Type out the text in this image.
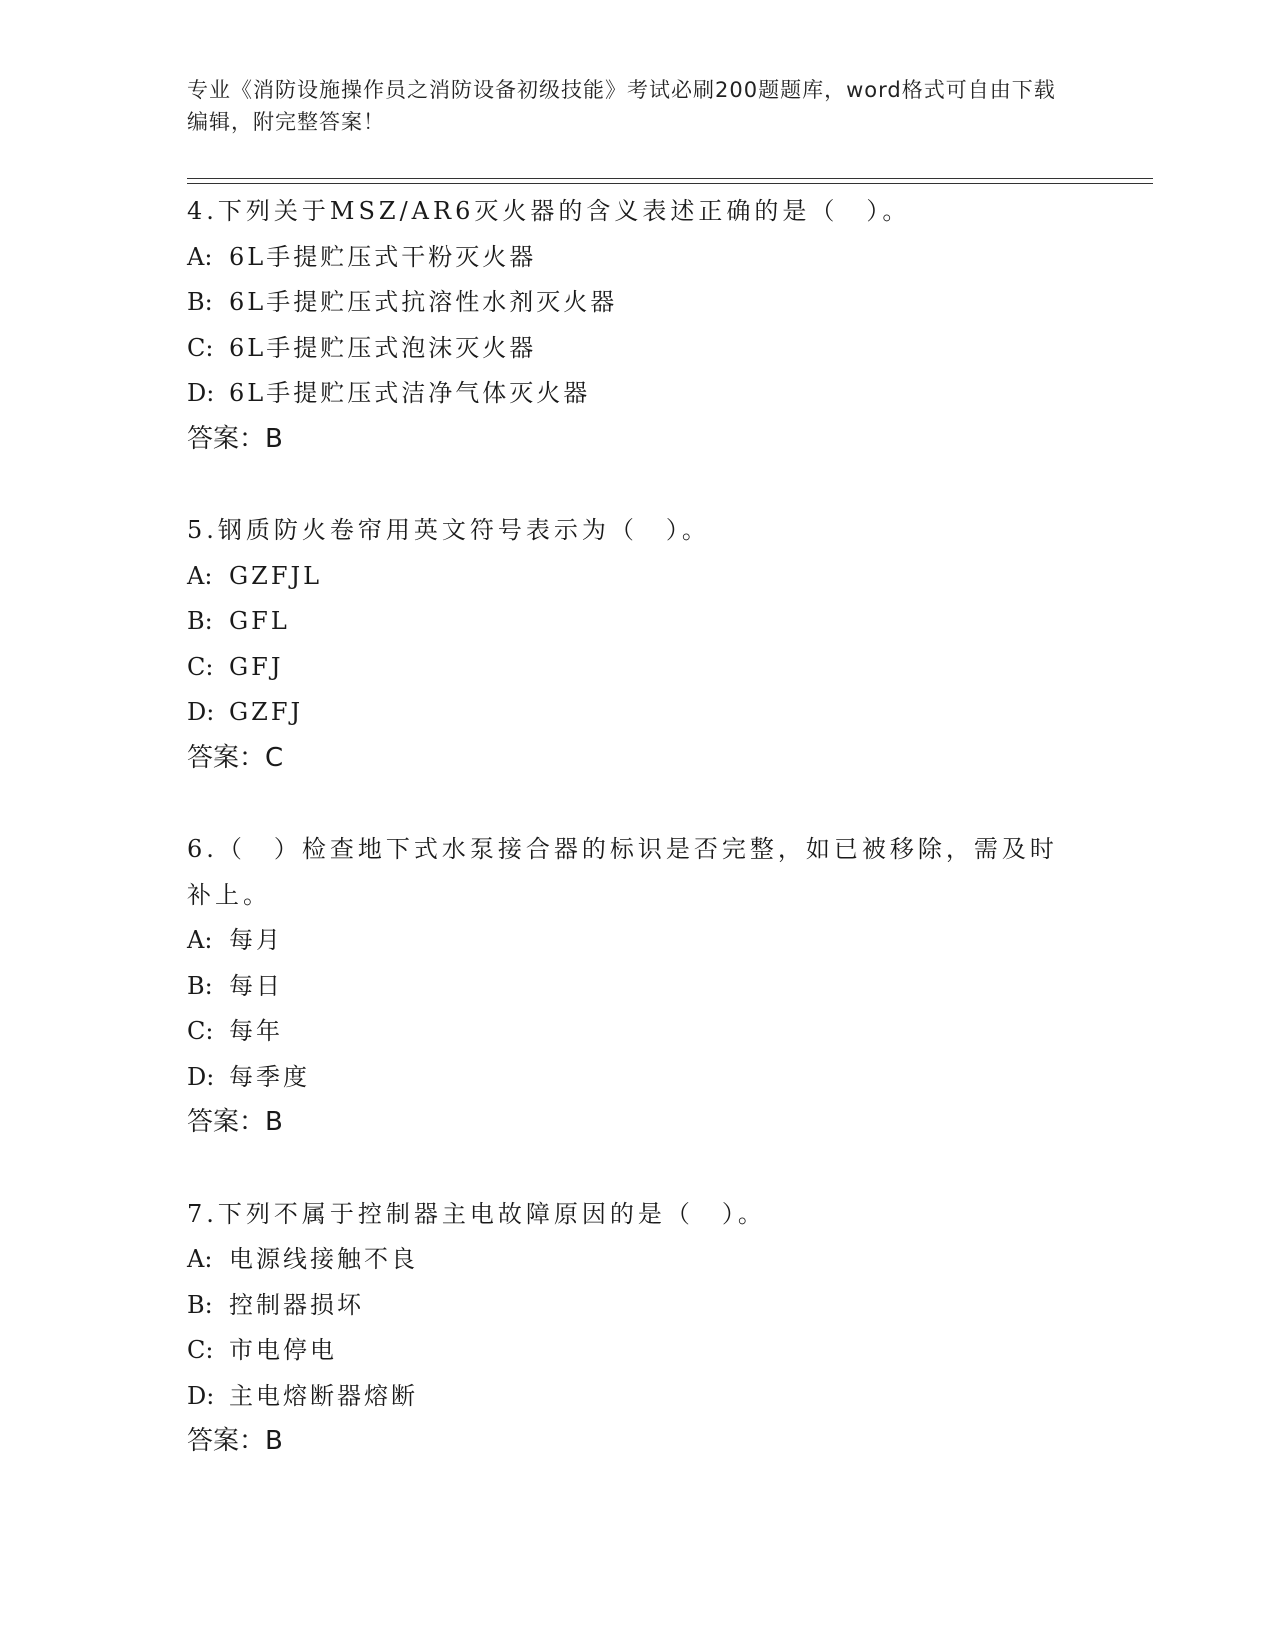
专业《消防设施操作员之消防设备初级技能》考试必刷200题题库，word格式可自由下载编辑，附完整答案！
4.下列关于MSZ/AR6灭火器的含义表述正确的是（　）。
A: 6L手提贮压式干粉灭火器
B: 6L手提贮压式抗溶性水剂灭火器
C: 6L手提贮压式泡沫灭火器
D: 6L手提贮压式洁净气体灭火器
答案：B
5.钢质防火卷帘用英文符号表示为（　）。
A: GZFJL
B: GFL
C: GFJ
D: GZFJ
答案：C
6.（　）检查地下式水泵接合器的标识是否完整，如已被移除，需及时补上。
A: 每月
B: 每日
C: 每年
D: 每季度
答案：B
7.下列不属于控制器主电故障原因的是（　）。
A: 电源线接触不良
B: 控制器损坏
C: 市电停电
D: 主电熔断器熔断
答案：B
